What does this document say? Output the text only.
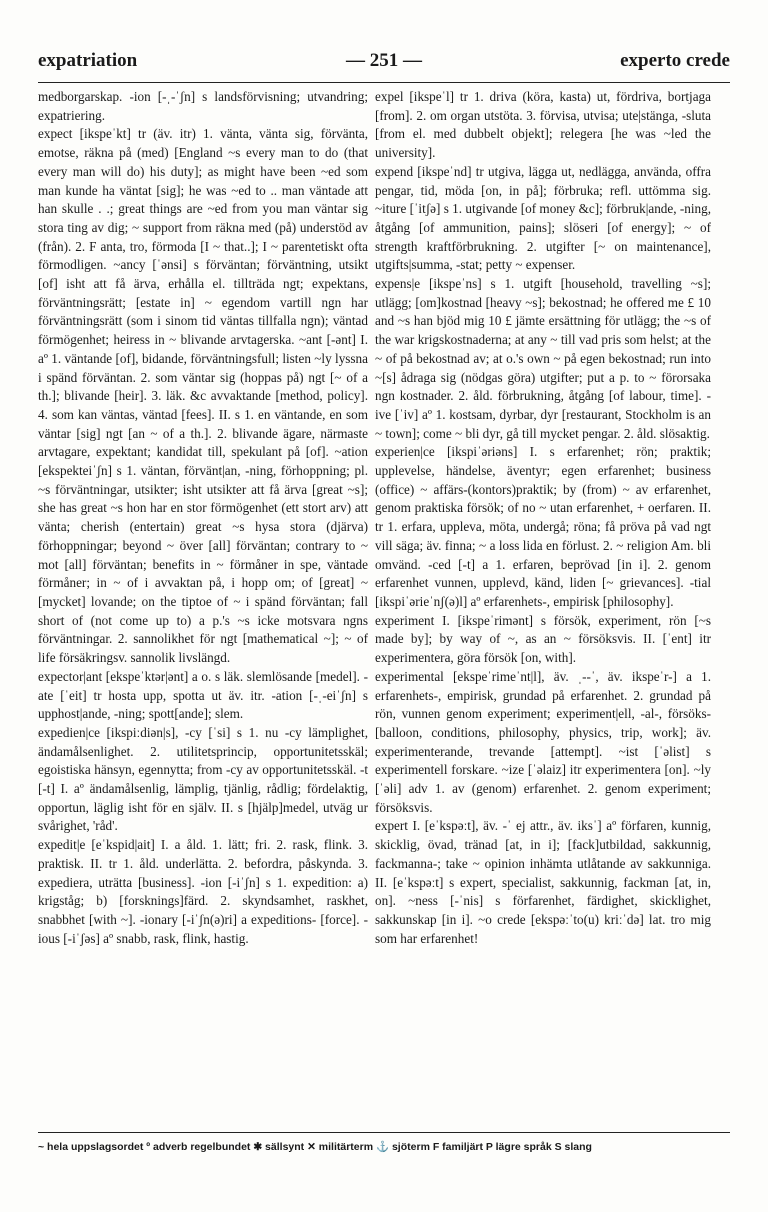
expatriation	— 251 —	experto crede

medborgarskap. -ion [-ˌ-ˈʃn] s landsförvisning; utvandring; expatriering.

expect [ikspeˈkt] tr (äv. itr) 1. vänta, vänta sig, förvänta, emotse, räkna på (med) [England ~s every man to do (that every man will do) his duty]; as might have been ~ed som man kunde ha väntat [sig]; he was ~ed to .. man väntade att han skulle . .; great things are ~ed from you man väntar sig stora ting av dig; ~ support from räkna med (på) understöd av (från). 2. F anta, tro, förmoda [I ~ that..]; I ~ parentetiskt ofta förmodligen. ~ancy [ˈənsi] s förväntan; förväntning, utsikt [of] isht att få ärva, erhålla el. tillträda ngt; expektans, förväntningsrätt; [estate in] ~ egendom vartill ngn har förväntningsrätt (som i sinom tid väntas tillfalla ngn); väntad förmögenhet; heiress in ~ blivande arvtagerska. ~ant [-ənt] I. aº 1. väntande [of], bidande, förväntningsfull; listen ~ly lyssna i spänd förväntan. 2. som väntar sig (hoppas på) ngt [~ of a th.]; blivande [heir]. 3. läk. &c avvaktande [method, policy]. 4. som kan väntas, väntad [fees]. II. s 1. en väntande, en som väntar [sig] ngt [an ~ of a th.]. 2. blivande ägare, närmaste arvtagare, expektant; kandidat till, spekulant på [of]. ~ation [ekspekteiˈʃn] s 1. väntan, förvänt|an, -ning, förhoppning; pl. ~s förväntningar, utsikter; isht utsikter att få ärva [great ~s]; she has great ~s hon har en stor förmögenhet (ett stort arv) att vänta; cherish (entertain) great ~s hysa stora (djärva) förhoppningar; beyond ~ över [all] förväntan; contrary to ~ mot [all] förväntan; benefits in ~ förmåner in spe, väntade förmåner; in ~ of i avvaktan på, i hopp om; of [great] ~ [mycket] lovande; on the tiptoe of ~ i spänd förväntan; fall short of (not come up to) a p.'s ~s icke motsvara ngns förväntningar. 2. sannolikhet för ngt [mathematical ~]; ~ of life försäkringsv. sannolik livslängd.

expector|ant [ekspeˈktər|ənt] a o. s läk. slemlösande [medel]. -ate [ˈeit] tr hosta upp, spotta ut äv. itr. -ation [-ˌ-eiˈʃn] s upphost|ande, -ning; spott[ande]; slem.

expedien|ce [ikspiːdiən|s], -cy [ˈsi] s 1. nu -cy lämplighet, ändamålsenlighet. 2. utilitetsprincip, opportunitetsskäl; egoistiska hänsyn, egennytta; from -cy av opportunitetsskäl. -t [-t] I. aº ändamålsenlig, lämplig, tjänlig, rådlig; fördelaktig, opportun, läglig isht för en själv. II. s [hjälp]medel, utväg ur svårighet, 'råd'.

expedit|e [eˈkspid|ait] I. a åld. 1. lätt; fri. 2. rask, flink. 3. praktisk. II. tr 1. åld. underlätta. 2. befordra, påskynda. 3. expediera, uträtta [business]. -ion [-iˈʃn] s 1. expedition: a) krigståg; b) [forsknings]färd. 2. skyndsamhet, raskhet, snabbhet [with ~]. -ionary [-iˈʃn(ə)ri] a expeditions- [force]. -ious [-iˈʃəs] aº snabb, rask, flink, hastig.

expel [ikspeˈl] tr 1. driva (köra, kasta) ut, fördriva, bortjaga [from]. 2. om organ utstöta. 3. förvisa, utvisa; ute|stänga, -sluta [from el. med dubbelt objekt]; relegera [he was ~led the university].

expend [ikspeˈnd] tr utgiva, lägga ut, nedlägga, använda, offra pengar, tid, möda [on, in på]; förbruka; refl. uttömma sig. ~iture [ˈitʃə] s 1. utgivande [of money &c]; förbruk|ande, -ning, åtgång [of ammunition, pains]; slöseri [of energy]; ~ of strength kraftförbrukning. 2. utgifter [~ on maintenance], utgifts|summa, -stat; petty ~ expenser.

expens|e [ikspeˈns] s 1. utgift [household, travelling ~s]; utlägg; [om]kostnad [heavy ~s]; bekostnad; he offered me £ 10 and ~s han bjöd mig 10 £ jämte ersättning för utlägg; the ~s of the war krigskostnaderna; at any ~ till vad pris som helst; at the ~ of på bekostnad av; at o.'s own ~ på egen bekostnad; run into ~[s] ådraga sig (nödgas göra) utgifter; put a p. to ~ förorsaka ngn kostnader. 2. åld. förbrukning, åtgång [of labour, time]. -ive [ˈiv] aº 1. kostsam, dyrbar, dyr [restaurant, Stockholm is an ~ town]; come ~ bli dyr, gå till mycket pengar. 2. åld. slösaktig.

experien|ce [ikspiˈəriəns] I. s erfarenhet; rön; praktik; upplevelse, händelse, äventyr; egen erfarenhet; business (office) ~ affärs-(kontors)praktik; by (from) ~ av erfarenhet, genom praktiska försök; of no ~ utan erfarenhet, + oerfaren. II. tr 1. erfara, uppleva, möta, undergå; röna; få pröva på vad ngt vill säga; äv. finna; ~ a loss lida en förlust. 2. ~ religion Am. bli omvänd. -ced [-t] a 1. erfaren, beprövad [in i]. 2. genom erfarenhet vunnen, upplevd, känd, liden [~ grievances]. -tial [ikspiˈərieˈnʃ(ə)l] aº erfarenhets-, empirisk [philosophy].

experiment I. [ikspeˈrimənt] s försök, experiment, rön [~s made by]; by way of ~, as an ~ försöksvis. II. [ˈent] itr experimentera, göra försök [on, with].

experimental [ekspeˈrimeˈnt|l], äv. ˌ--ˈ, äv. ikspeˈr-] a 1. erfarenhets-, empirisk, grundad på erfarenhet. 2. grundad på rön, vunnen genom experiment; experiment|ell, -al-, försöks- [balloon, conditions, philosophy, physics, trip, work]; äv. experimenterande, trevande [attempt]. ~ist [ˈəlist] s experimentell forskare. ~ize [ˈəlaiz] itr experimentera [on]. ~ly [ˈəli] adv 1. av (genom) erfarenhet. 2. genom experiment; försöksvis.

expert I. [eˈkspəːt], äv. -ˈ ej attr., äv. iksˈ] aº förfaren, kunnig, skicklig, övad, tränad [at, in i]; [fack]utbildad, sakkunnig, fackmanna-; take ~ opinion inhämta utlåtande av sakkunniga. II. [eˈkspəːt] s expert, specialist, sakkunnig, fackman [at, in, on]. ~ness [-ˈnis] s förfarenhet, färdighet, skicklighet, sakkunskap [in i]. ~o crede [ekspəːˈto(u) kriːˈdə] lat. tro mig som har erfarenhet!

~ hela uppslagsordet º adverb regelbundet ✱ sällsynt ✕ militärterm ⚓ sjöterm F familjärt P lägre språk S slang
